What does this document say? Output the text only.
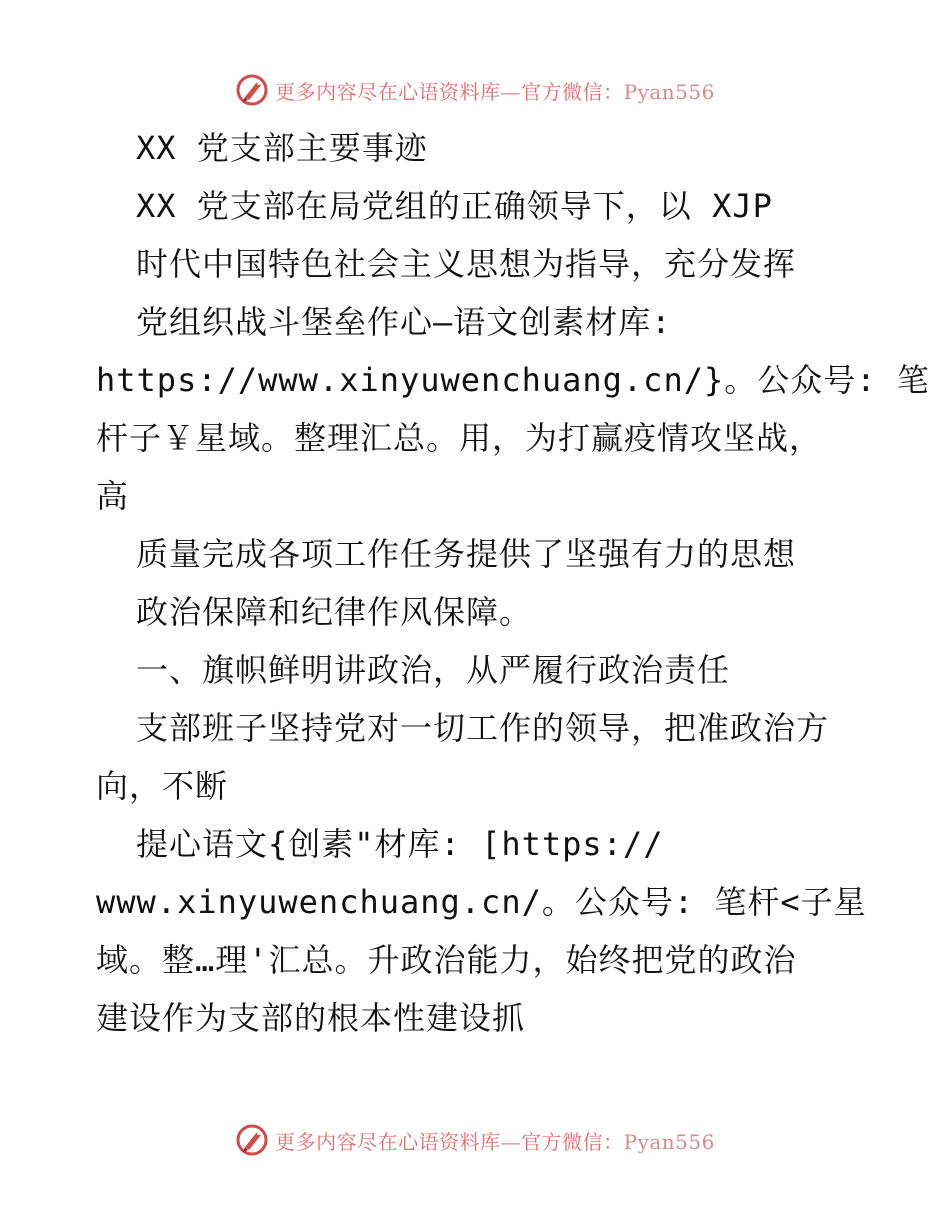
更多内容尽在心语资料库—官方微信：Pyan556
XX 党支部主要事迹
XX 党支部在局党组的正确领导下，以 XJP
时代中国特色社会主义思想为指导，充分发挥
党组织战斗堡垒作心—语文创素材库:
https://www.xinyuwenchuang.cn/}。公众号: 笔
杆子￥星域。整理汇总。用，为打赢疫情攻坚战，
高
质量完成各项工作任务提供了坚强有力的思想
政治保障和纪律作风保障。
一、旗帜鲜明讲政治，从严履行政治责任
支部班子坚持党对一切工作的领导，把准政治方
向，不断
提心语文{创素"材库: [https://
www.xinyuwenchuang.cn/。公众号: 笔杆<子星
域。整…理'汇总。升政治能力，始终把党的政治
建设作为支部的根本性建设抓
更多内容尽在心语资料库—官方微信：Pyan556
